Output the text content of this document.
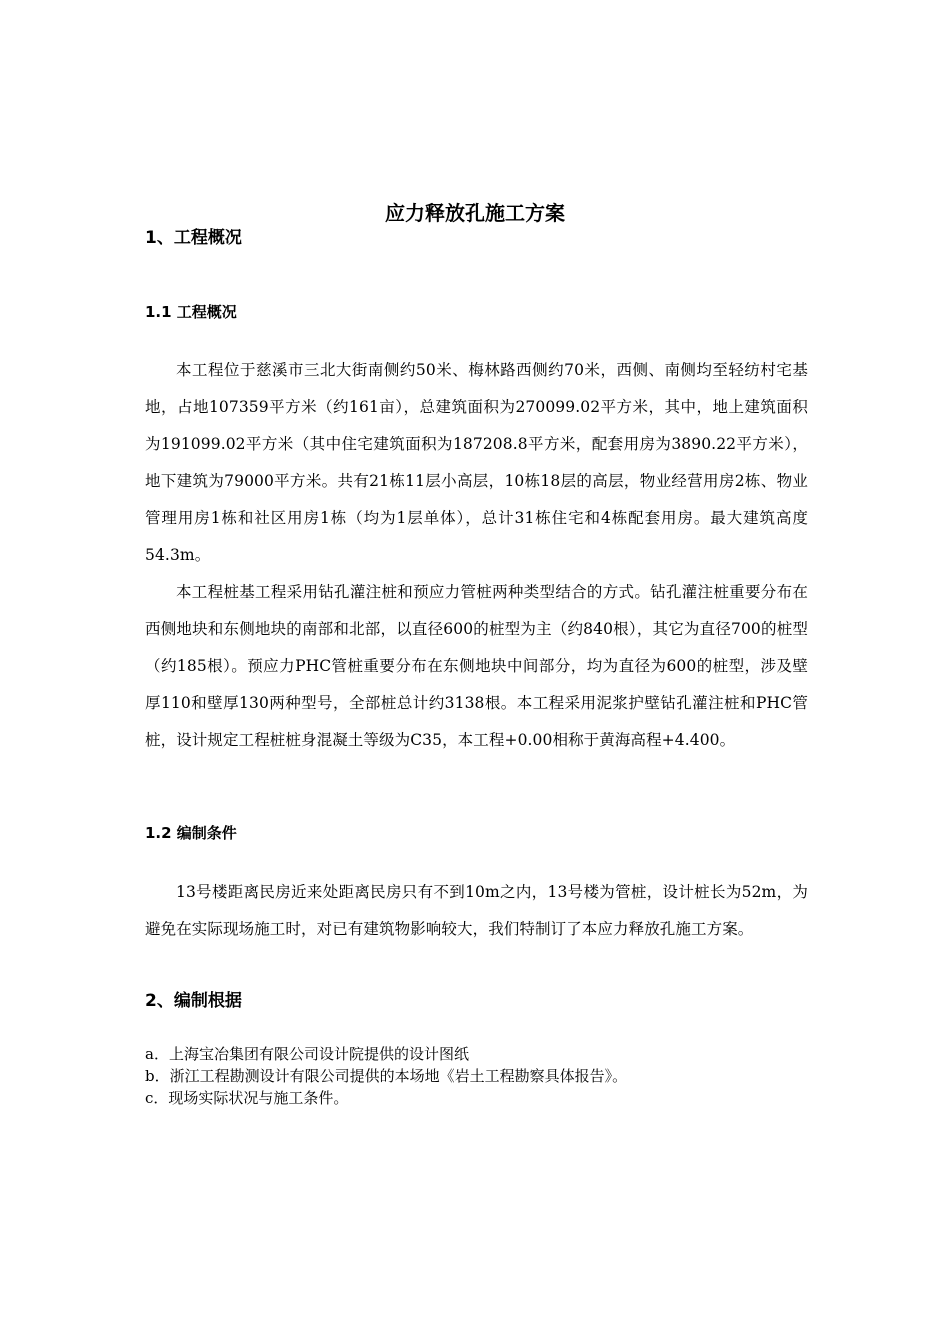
应力释放孔施工方案
1、工程概况
1.1 工程概况

本工程位于慈溪市三北大街南侧约50米、梅林路西侧约70米，西侧、南侧均至轻纺村宅基地，占地107359平方米（约161亩），总建筑面积为270099.02平方米，其中，地上建筑面积为191099.02平方米（其中住宅建筑面积为187208.8平方米，配套用房为3890.22平方米），地下建筑为79000平方米。共有21栋11层小高层，10栋18层的高层，物业经营用房2栋、物业管理用房1栋和社区用房1栋（均为1层单体），总计31栋住宅和4栋配套用房。最大建筑高度54.3m。

本工程桩基工程采用钻孔灌注桩和预应力管桩两种类型结合的方式。钻孔灌注桩重要分布在西侧地块和东侧地块的南部和北部，以直径600的桩型为主（约840根），其它为直径700的桩型（约185根）。预应力PHC管桩重要分布在东侧地块中间部分，均为直径为600的桩型，涉及壁厚110和壁厚130两种型号，全部桩总计约3138根。本工程采用泥浆护壁钻孔灌注桩和PHC管桩，设计规定工程桩桩身混凝土等级为C35，本工程+0.00相称于黄海高程+4.400。

1.2 编制条件

13号楼距离民房近来处距离民房只有不到10m之内，13号楼为管桩，设计桩长为52m，为避免在实际现场施工时，对已有建筑物影响较大，我们特制订了本应力释放孔施工方案。

2、编制根据
a．上海宝冶集团有限公司设计院提供的设计图纸
b．浙江工程勘测设计有限公司提供的本场地《岩土工程勘察具体报告》。
c．现场实际状况与施工条件。
